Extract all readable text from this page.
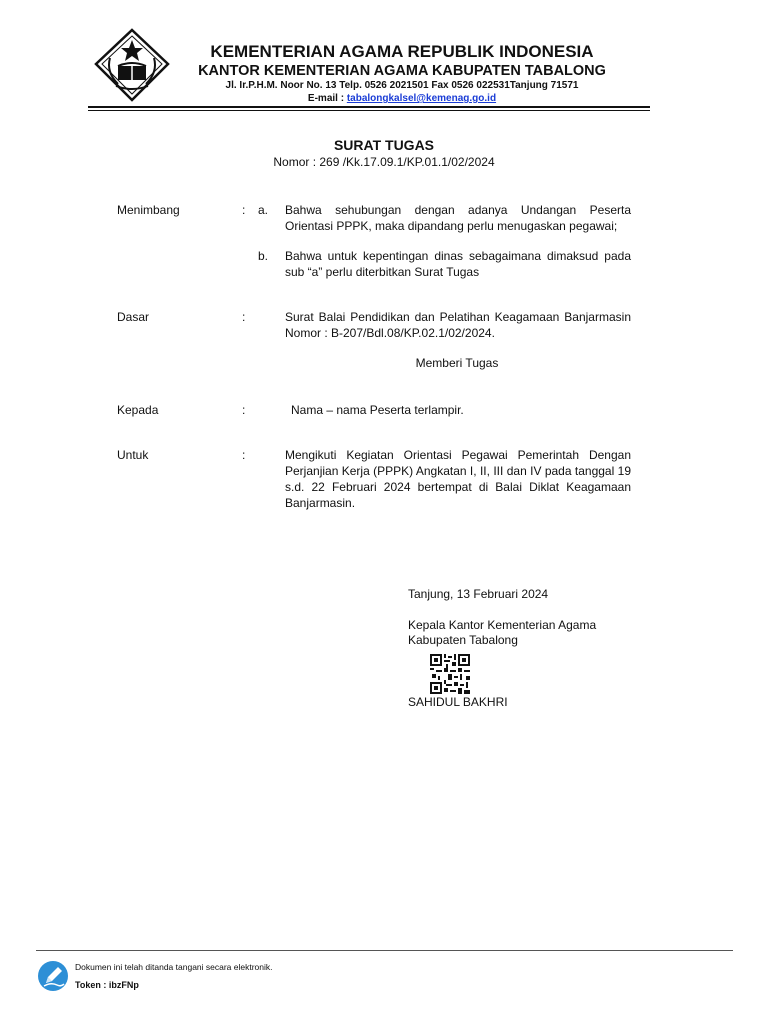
KEMENTERIAN AGAMA REPUBLIK INDONESIA
KANTOR KEMENTERIAN AGAMA KABUPATEN TABALONG
Jl. Ir.P.H.M. Noor No. 13 Telp. 0526 2021501 Fax 0526 022531Tanjung 71571
E-mail : tabalongkalsel@kemenag.go.id
SURAT TUGAS
Nomor : 269 /Kk.17.09.1/KP.01.1/02/2024
Menimbang	: a. Bahwa sehubungan dengan adanya Undangan Peserta Orientasi PPPK, maka dipandang perlu menugaskan pegawai;
b. Bahwa untuk kepentingan dinas sebagaimana dimaksud pada sub “a” perlu diterbitkan Surat Tugas
Dasar	:	Surat Balai Pendidikan dan Pelatihan Keagamaan Banjarmasin Nomor : B-207/Bdl.08/KP.02.1/02/2024.
Memberi Tugas
Kepada	:	Nama – nama Peserta terlampir.
Untuk	:	Mengikuti Kegiatan Orientasi Pegawai Pemerintah Dengan Perjanjian Kerja (PPPK) Angkatan I, II, III dan IV pada tanggal 19 s.d. 22 Februari 2024 bertempat di Balai Diklat Keagamaan Banjarmasin.
Tanjung, 13 Februari 2024
Kepala Kantor Kementerian Agama
Kabupaten Tabalong
SAHIDUL BAKHRI
Dokumen ini telah ditanda tangani secara elektronik.
Token : ibzFNp
